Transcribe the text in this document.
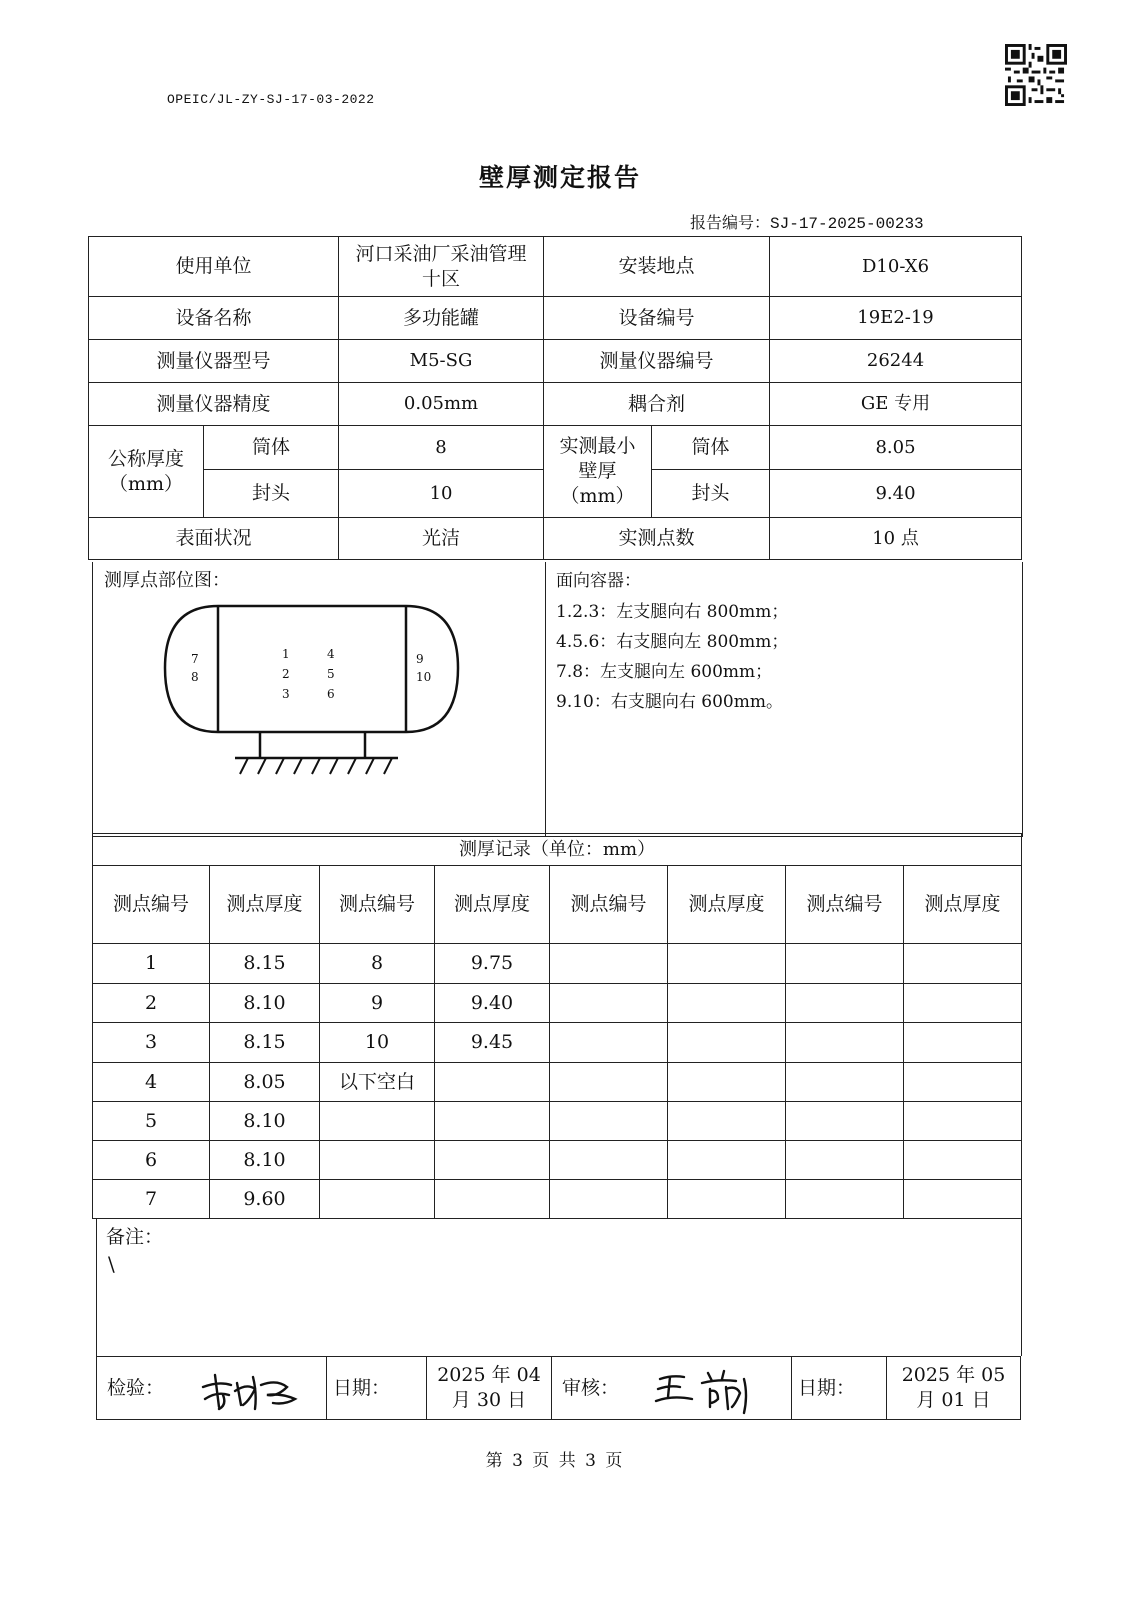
OPEIC/JL-ZY-SJ-17-03-2022
壁厚测定报告
报告编号：SJ-17-2025-00233
使用单位		河口采油厂采油管理十区	安装地点		D10-X6
设备名称		多功能罐	设备编号		19E2-19
测量仪器型号		M5-SG	测量仪器编号		26244
测量仪器精度		0.05mm	耦合剂		GE 专用
公称厚度（mm）	筒体	8	实测最小壁厚（mm）	筒体	8.05
	封头	10		封头	9.40
表面状况		光洁	实测点数		10 点
测厚点部位图：
7
8
1
2
3
4
5
6
9
10
面向容器：
1.2.3：左支腿向右 800mm；
4.5.6：右支腿向左 800mm；
7.8：左支腿向左 600mm；
9.10：右支腿向右 600mm。
测厚记录（单位：mm）							
测点编号	测点厚度	测点编号	测点厚度	测点编号	测点厚度	测点编号	测点厚度
1	8.15	8	9.75				
2	8.10	9	9.40				
3	8.15	10	9.45				
4	8.05	以下空白					
5	8.10						
6	8.10						
7	9.60						
备注：
\
检验：	日期：	2025 年 04 月 30 日	审核：	日期：	2025 年 05 月 01 日
第 3 页 共 3 页
